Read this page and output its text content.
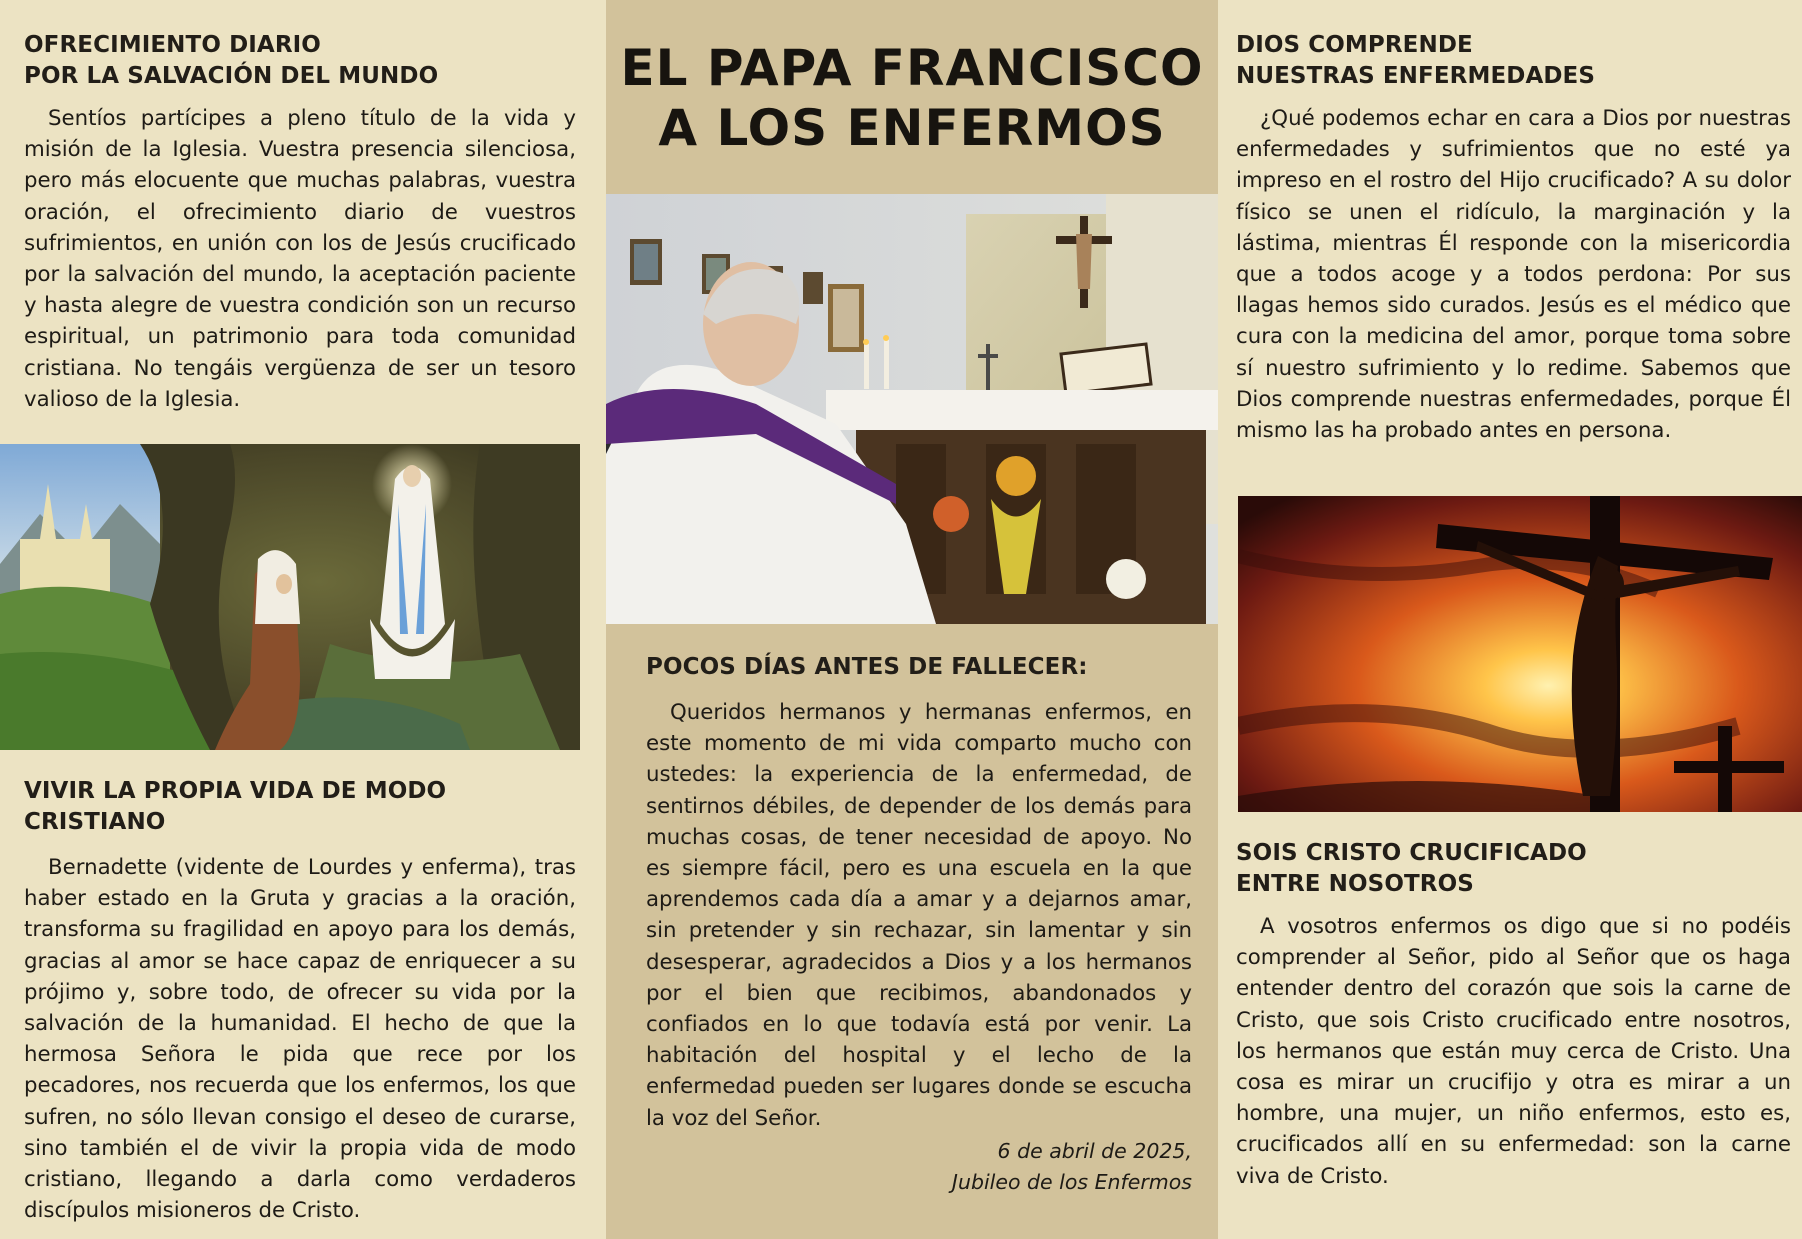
OFRECIMIENTO DIARIO
POR LA SALVACIÓN DEL MUNDO

Sentíos partícipes a pleno título de la vida y misión de la Iglesia. Vuestra presencia silenciosa, pero más elocuente que muchas palabras, vuestra oración, el ofrecimiento diario de vuestros sufrimientos, en unión con los de Jesús crucificado por la salvación del mundo, la aceptación paciente y hasta alegre de vuestra condición son un recurso espiritual, un patrimonio para toda comunidad cristiana. No tengáis vergüenza de ser un tesoro valioso de la Iglesia.

VIVIR LA PROPIA VIDA DE MODO CRISTIANO

Bernadette (vidente de Lourdes y enferma), tras haber estado en la Gruta y gracias a la oración, transforma su fragilidad en apoyo para los demás, gracias al amor se hace capaz de enriquecer a su prójimo y, sobre todo, de ofrecer su vida por la salvación de la humanidad. El hecho de que la hermosa Señora le pida que rece por los pecadores, nos recuerda que los enfermos, los que sufren, no sólo llevan consigo el deseo de curarse, sino también el de vivir la propia vida de modo cristiano, llegando a darla como verdaderos discípulos misioneros de Cristo.

EL PAPA FRANCISCO
A LOS ENFERMOS
POCOS DÍAS ANTES DE FALLECER:

Queridos hermanos y hermanas enfermos, en este momento de mi vida comparto mucho con ustedes: la experiencia de la enfermedad, de sentirnos débiles, de depender de los demás para muchas cosas, de tener necesidad de apoyo. No es siempre fácil, pero es una escuela en la que aprendemos cada día a amar y a dejarnos amar, sin pretender y sin rechazar, sin lamentar y sin desesperar, agradecidos a Dios y a los hermanos por el bien que recibimos, abandonados y confiados en lo que todavía está por venir. La habitación del hospital y el lecho de la enfermedad pueden ser lugares donde se escucha la voz del Señor.

6 de abril de 2025,
Jubileo de los Enfermos

DIOS COMPRENDE
NUESTRAS ENFERMEDADES

¿Qué podemos echar en cara a Dios por nuestras enfermedades y sufrimientos que no esté ya impreso en el rostro del Hijo crucificado? A su dolor físico se unen el ridículo, la marginación y la lástima, mientras Él responde con la misericordia que a todos acoge y a todos perdona: Por sus llagas hemos sido curados. Jesús es el médico que cura con la medicina del amor, porque toma sobre sí nuestro sufrimiento y lo redime. Sabemos que Dios comprende nuestras enfermedades, porque Él mismo las ha probado antes en persona.

SOIS CRISTO CRUCIFICADO
ENTRE NOSOTROS

A vosotros enfermos os digo que si no podéis comprender al Señor, pido al Señor que os haga entender dentro del corazón que sois la carne de Cristo, que sois Cristo crucificado entre nosotros, los hermanos que están muy cerca de Cristo. Una cosa es mirar un crucifijo y otra es mirar a un hombre, una mujer, un niño enfermos, esto es, crucificados allí en su enfermedad: son la carne viva de Cristo.
